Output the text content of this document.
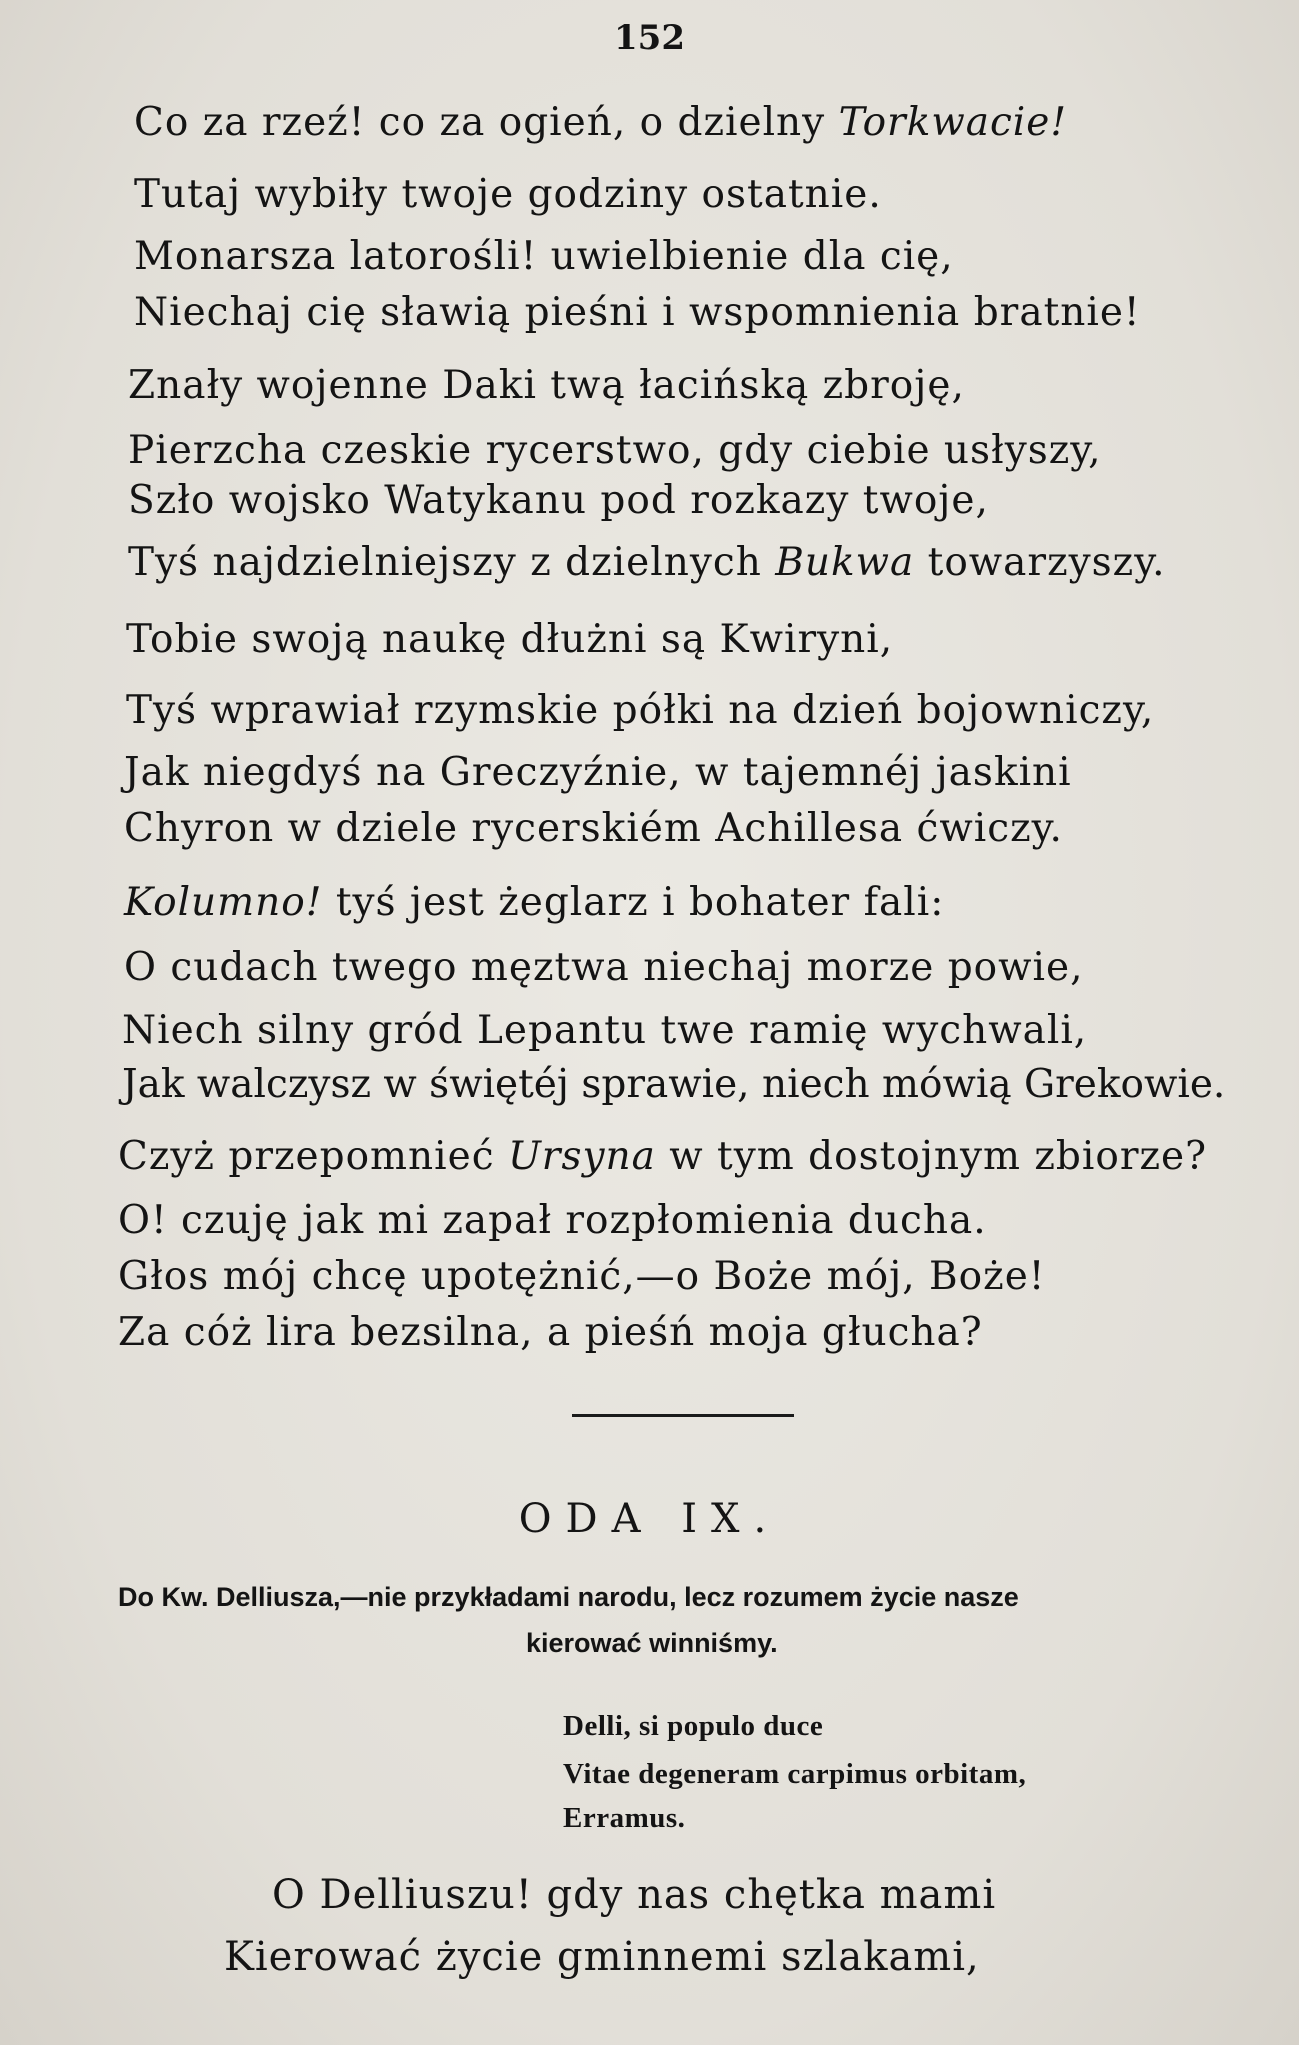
152
Co za rzeź! co za ogień, o dzielny Torkwacie!
Tutaj wybiły twoje godziny ostatnie.
Monarsza latorośli! uwielbienie dla cię,
Niechaj cię sławią pieśni i wspomnienia bratnie!
Znały wojenne Daki twą łacińską zbroję,
Pierzcha czeskie rycerstwo, gdy ciebie usłyszy,
Szło wojsko Watykanu pod rozkazy twoje,
Tyś najdzielniejszy z dzielnych Bukwa towarzyszy.
Tobie swoją naukę dłużni są Kwiryni,
Tyś wprawiał rzymskie półki na dzień bojowniczy,
Jak niegdyś na Greczyźnie, w tajemnéj jaskini
Chyron w dziele rycerskiém Achillesa ćwiczy.
Kolumno! tyś jest żeglarz i bohater fali:
O cudach twego męztwa niechaj morze powie,
Niech silny gród Lepantu twe ramię wychwali,
Jak walczysz w świętéj sprawie, niech mówią Grekowie.
Czyż przepomnieć Ursyna w tym dostojnym zbiorze?
O! czuję jak mi zapał rozpłomienia ducha.
Głos mój chcę upotężnić,—o Boże mój, Boże!
Za cóż lira bezsilna, a pieśń moja głucha?
ODA IX.
Do Kw. Delliusza,—nie przykładami narodu, lecz rozumem życie nasze
kierować winniśmy.
Delli, si populo duce
Vitae degeneram carpimus orbitam,
Erramus.
O Delliuszu! gdy nas chętka mami
Kierować życie gminnemi szlakami,
